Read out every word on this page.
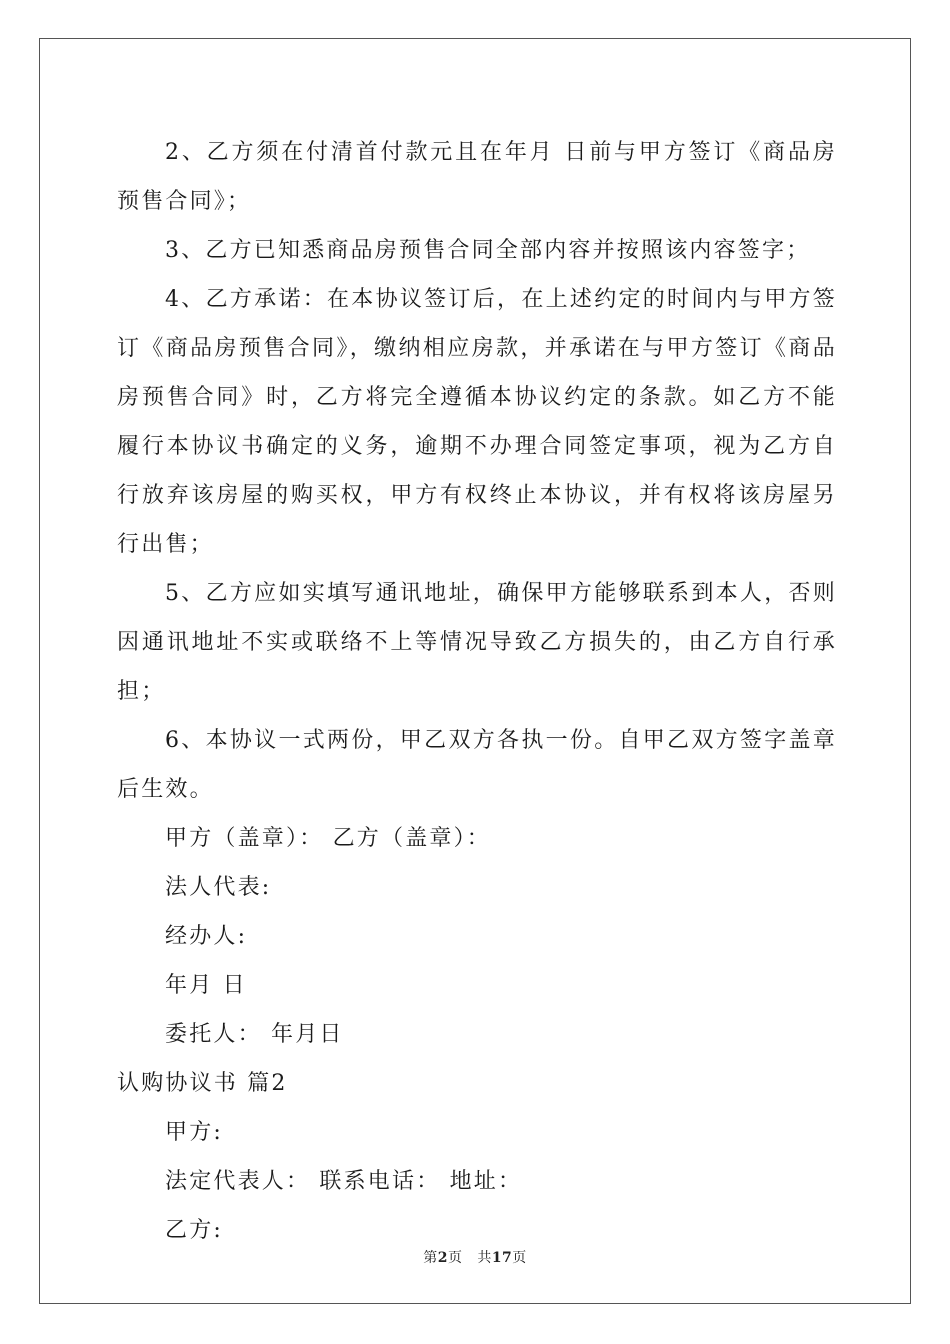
2、乙方须在付清首付款元且在年月 日前与甲方签订《商品房预售合同》；

3、乙方已知悉商品房预售合同全部内容并按照该内容签字；

4、乙方承诺：在本协议签订后，在上述约定的时间内与甲方签订《商品房预售合同》，缴纳相应房款，并承诺在与甲方签订《商品房预售合同》时，乙方将完全遵循本协议约定的条款。如乙方不能履行本协议书确定的义务，逾期不办理合同签定事项，视为乙方自行放弃该房屋的购买权，甲方有权终止本协议，并有权将该房屋另行出售；

5、乙方应如实填写通讯地址，确保甲方能够联系到本人，否则因通讯地址不实或联络不上等情况导致乙方损失的，由乙方自行承担；

6、本协议一式两份，甲乙双方各执一份。自甲乙双方签字盖章后生效。

甲方（盖章）： 乙方（盖章）：

法人代表:

经办人:

年月 日

委托人： 年月日

认购协议书 篇2

甲方:

法定代表人： 联系电话： 地址：

乙方:

第2页 共17页
